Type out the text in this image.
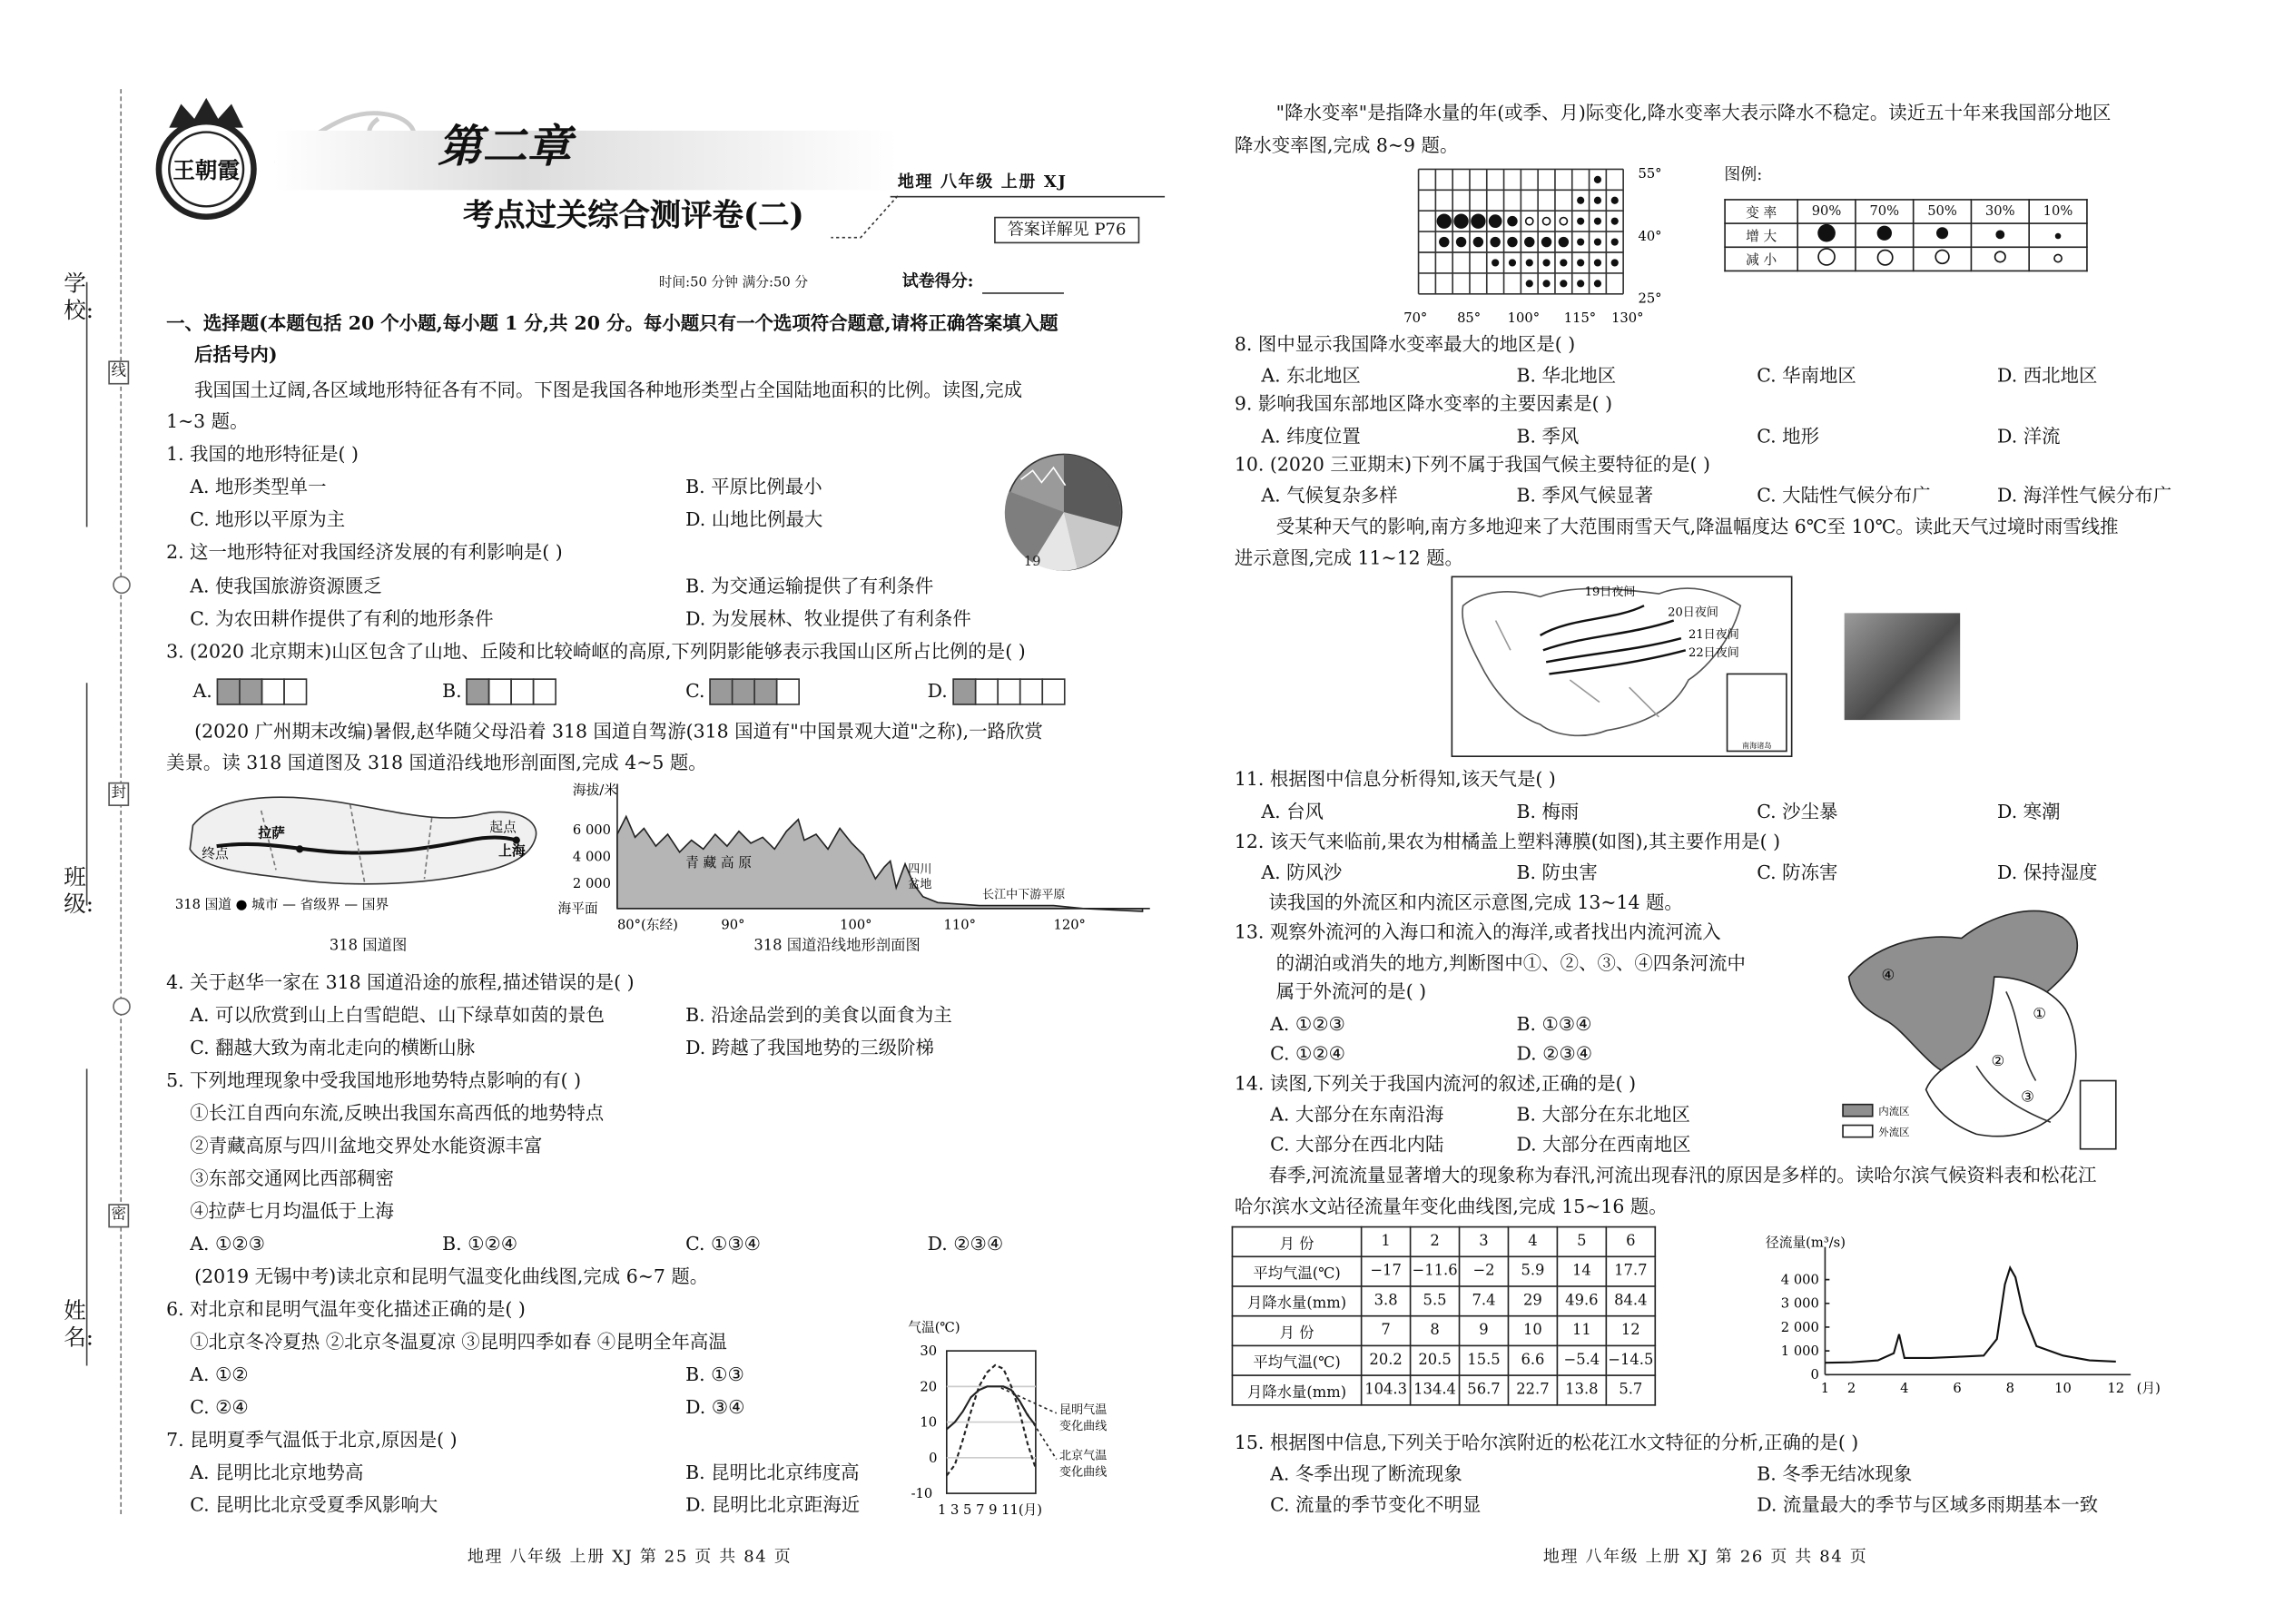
学校:
班级:
姓名:
线
封
密
王朝霞	第二章
考点过关综合测评卷(二)
地理 八年级 上册 XJ
答案详解见 P76
时间:50 分钟 满分:50 分	试卷得分:
一、选择题(本题包括 20 个小题,每小题 1 分,共 20 分。每小题只有一个选项符合题意,请将正确答案填入题
后括号内)
我国国土辽阔,各区域地形特征各有不同。下图是我国各种地形类型占全国陆地面积的比例。读图,完成
1~3 题。
1. 我国的地形特征是( )
A. 地形类型单一	B. 平原比例最小
C. 地形以平原为主	D. 山地比例最大
19
2. 这一地形特征对我国经济发展的有利影响是( )
A. 使我国旅游资源匮乏	B. 为交通运输提供了有利条件
C. 为农田耕作提供了有利的地形条件	D. 为发展林、牧业提供了有利条件
3. (2020 北京期末)山区包含了山地、丘陵和比较崎岖的高原,下列阴影能够表示我国山区所占比例的是( )
A.	B.	C.	D.
(2020 广州期末改编)暑假,赵华随父母沿着 318 国道自驾游(318 国道有"中国景观大道"之称),一路欣赏
美景。读 318 国道图及 318 国道沿线地形剖面图,完成 4~5 题。
拉萨
终点
起点
上海
318 国道 ● 城市 — 省级界 — 国界
318 国道图
海拔/米
6 000
4 000
2 000
海平面
青 藏 高 原	四川
盆地
长江中下游平原
80°(东经)	90°	100°	110°	120°
318 国道沿线地形剖面图
4. 关于赵华一家在 318 国道沿途的旅程,描述错误的是( )
A. 可以欣赏到山上白雪皑皑、山下绿草如茵的景色	B. 沿途品尝到的美食以面食为主
C. 翻越大致为南北走向的横断山脉	D. 跨越了我国地势的三级阶梯
5. 下列地理现象中受我国地形地势特点影响的有( )
①长江自西向东流,反映出我国东高西低的地势特点
②青藏高原与四川盆地交界处水能资源丰富
③东部交通网比西部稠密
④拉萨七月均温低于上海
A. ①②③	B. ①②④	C. ①③④	D. ②③④
(2019 无锡中考)读北京和昆明气温变化曲线图,完成 6~7 题。
6. 对北京和昆明气温年变化描述正确的是( )
①北京冬冷夏热 ②北京冬温夏凉 ③昆明四季如春 ④昆明全年高温
A. ①②	B. ①③
C. ②④	D. ③④
7. 昆明夏季气温低于北京,原因是( )
A. 昆明比北京地势高	B. 昆明比北京纬度高
C. 昆明比北京受夏季风影响大	D. 昆明比北京距海近
气温(℃)
30
20
10
0
-10
1 3 5 7 9 11(月)
昆明气温
变化曲线
北京气温
变化曲线
地理 八年级 上册 XJ 第 25 页 共 84 页
"降水变率"是指降水量的年(或季、月)际变化,降水变率大表示降水不稳定。读近五十年来我国部分地区
降水变率图,完成 8~9 题。
55°
40°
25°
70°	85°	100°	115° 130°
图例:
变 率	90%	70%	50%	30%	10%
增 大					
减 小					
8. 图中显示我国降水变率最大的地区是( )
A. 东北地区	B. 华北地区	C. 华南地区	D. 西北地区
9. 影响我国东部地区降水变率的主要因素是( )
A. 纬度位置	B. 季风	C. 地形	D. 洋流
10. (2020 三亚期末)下列不属于我国气候主要特征的是( )
A. 气候复杂多样	B. 季风气候显著	C. 大陆性气候分布广	D. 海洋性气候分布广
受某种天气的影响,南方多地迎来了大范围雨雪天气,降温幅度达 6℃至 10℃。读此天气过境时雨雪线推
进示意图,完成 11~12 题。
19日夜间
20日夜间
21日夜间
22日夜间
南海诸岛
11. 根据图中信息分析得知,该天气是( )
A. 台风	B. 梅雨	C. 沙尘暴	D. 寒潮
12. 该天气来临前,果农为柑橘盖上塑料薄膜(如图),其主要作用是( )
A. 防风沙	B. 防虫害	C. 防冻害	D. 保持湿度
读我国的外流区和内流区示意图,完成 13~14 题。
13. 观察外流河的入海口和流入的海洋,或者找出内流河流入
的湖泊或消失的地方,判断图中①、②、③、④四条河流中
属于外流河的是( )
A. ①②③	B. ①③④
C. ①②④	D. ②③④
14. 读图,下列关于我国内流河的叙述,正确的是( )
A. 大部分在东南沿海	B. 大部分在东北地区
C. 大部分在西北内陆	D. 大部分在西南地区
④
①
②
③
内流区
外流区
春季,河流流量显著增大的现象称为春汛,河流出现春汛的原因是多样的。读哈尔滨气候资料表和松花江
哈尔滨水文站径流量年变化曲线图,完成 15~16 题。
月 份	1	2	3	4	5	6
平均气温(℃)	−17	−11.6	−2	5.9	14	17.7
月降水量(mm)	3.8	5.5	7.4	29	49.6	84.4
月 份	7	8	9	10	11	12
平均气温(℃)	20.2	20.5	15.5	6.6	−5.4	−14.5
月降水量(mm)	104.3	134.4	56.7	22.7	13.8	5.7
径流量(m³/s)
0
1 000
2 000
3 000
4 000
1 2	4	6	8	10	12 (月)
15. 根据图中信息,下列关于哈尔滨附近的松花江水文特征的分析,正确的是( )
A. 冬季出现了断流现象	B. 冬季无结冰现象
C. 流量的季节变化不明显	D. 流量最大的季节与区域多雨期基本一致
地理 八年级 上册 XJ 第 26 页 共 84 页
